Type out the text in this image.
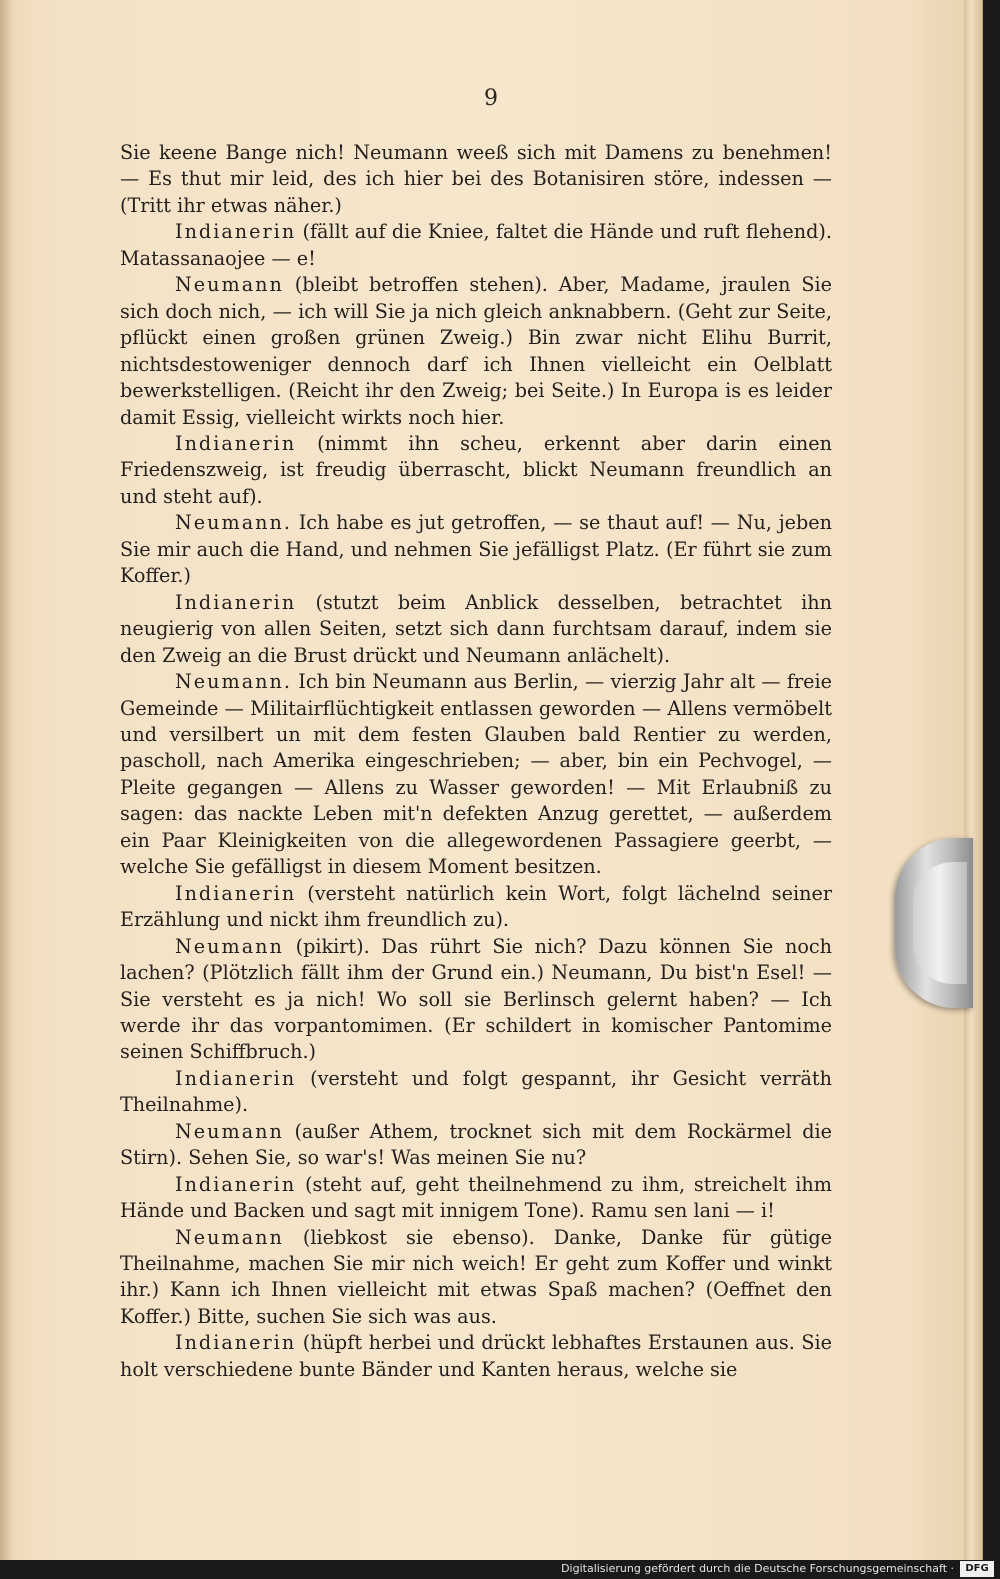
9

Sie keene Bange nich! Neumann weeß sich mit Damens zu benehmen! — Es thut mir leid, des ich hier bei des Botanisiren störe, indessen — (Tritt ihr etwas näher.)

Indianerin (fällt auf die Kniee, faltet die Hände und ruft flehend). Matassanaojee — e!

Neumann (bleibt betroffen stehen). Aber, Madame, jraulen Sie sich doch nich, — ich will Sie ja nich gleich anknabbern. (Geht zur Seite, pflückt einen großen grünen Zweig.) Bin zwar nicht Elihu Burrit, nichtsdestoweniger dennoch darf ich Ihnen vielleicht ein Oelblatt bewerkstelligen. (Reicht ihr den Zweig; bei Seite.) In Europa is es leider damit Essig, vielleicht wirkts noch hier.

Indianerin (nimmt ihn scheu, erkennt aber darin einen Friedenszweig, ist freudig überrascht, blickt Neumann freundlich an und steht auf).

Neumann. Ich habe es jut getroffen, — se thaut auf! — Nu, jeben Sie mir auch die Hand, und nehmen Sie jefälligst Platz. (Er führt sie zum Koffer.)

Indianerin (stutzt beim Anblick desselben, betrachtet ihn neugierig von allen Seiten, setzt sich dann furchtsam darauf, indem sie den Zweig an die Brust drückt und Neumann anlächelt).

Neumann. Ich bin Neumann aus Berlin, — vierzig Jahr alt — freie Gemeinde — Militairflüchtigkeit entlassen geworden — Allens vermöbelt und versilbert un mit dem festen Glauben bald Rentier zu werden, pascholl, nach Amerika eingeschrieben; — aber, bin ein Pechvogel, — Pleite gegangen — Allens zu Wasser geworden! — Mit Erlaubniß zu sagen: das nackte Leben mit'n defekten Anzug gerettet, — außerdem ein Paar Kleinigkeiten von die allegewordenen Passagiere geerbt, — welche Sie gefälligst in diesem Moment besitzen.

Indianerin (versteht natürlich kein Wort, folgt lächelnd seiner Erzählung und nickt ihm freundlich zu).

Neumann (pikirt). Das rührt Sie nich? Dazu können Sie noch lachen? (Plötzlich fällt ihm der Grund ein.) Neumann, Du bist'n Esel! — Sie versteht es ja nich! Wo soll sie Berlinsch gelernt haben? — Ich werde ihr das vorpantomimen. (Er schildert in komischer Pantomime seinen Schiffbruch.)

Indianerin (versteht und folgt gespannt, ihr Gesicht verräth Theilnahme).

Neumann (außer Athem, trocknet sich mit dem Rockärmel die Stirn). Sehen Sie, so war's! Was meinen Sie nu?

Indianerin (steht auf, geht theilnehmend zu ihm, streichelt ihm Hände und Backen und sagt mit innigem Tone). Ramu sen lani — i!

Neumann (liebkost sie ebenso). Danke, Danke für gütige Theilnahme, machen Sie mir nich weich! Er geht zum Koffer und winkt ihr.) Kann ich Ihnen vielleicht mit etwas Spaß machen? (Oeffnet den Koffer.) Bitte, suchen Sie sich was aus.

Indianerin (hüpft herbei und drückt lebhaftes Erstaunen aus. Sie holt verschiedene bunte Bänder und Kanten heraus, welche sie

Digitalisierung gefördert durch die Deutsche Forschungsgemeinschaft ·	DFG
